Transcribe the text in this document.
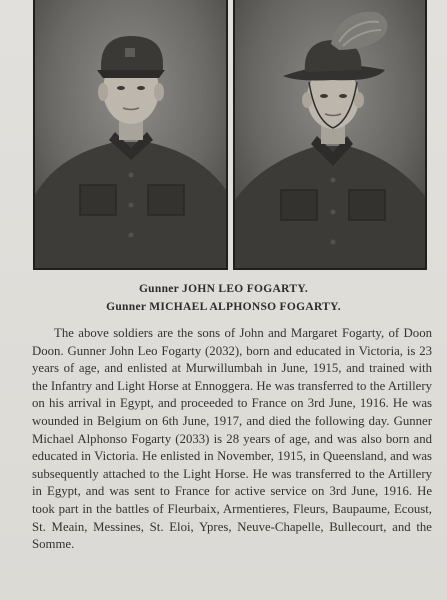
Gunner JOHN LEO FOGARTY.
Gunner MICHAEL ALPHONSO FOGARTY.

The above soldiers are the sons of John and Margaret Fogarty, of Doon Doon. Gunner John Leo Fogarty (2032), born and educated in Victoria, is 23 years of age, and enlisted at Murwillumbah in June, 1915, and trained with the Infantry and Light Horse at Ennoggera. He was transferred to the Artillery on his arrival in Egypt, and proceeded to France on 3rd June, 1916. He was wounded in Belgium on 6th June, 1917, and died the following day. Gunner Michael Alphonso Fogarty (2033) is 28 years of age, and was also born and educated in Victoria. He enlisted in November, 1915, in Queensland, and was subsequently attached to the Light Horse. He was transferred to the Artillery in Egypt, and was sent to France for active service on 3rd June, 1916. He took part in the battles of Fleurbaix, Armentieres, Fleurs, Baupaume, Ecoust, St. Meain, Messines, St. Eloi, Ypres, Neuve-Chapelle, Bullecourt, and the Somme.
